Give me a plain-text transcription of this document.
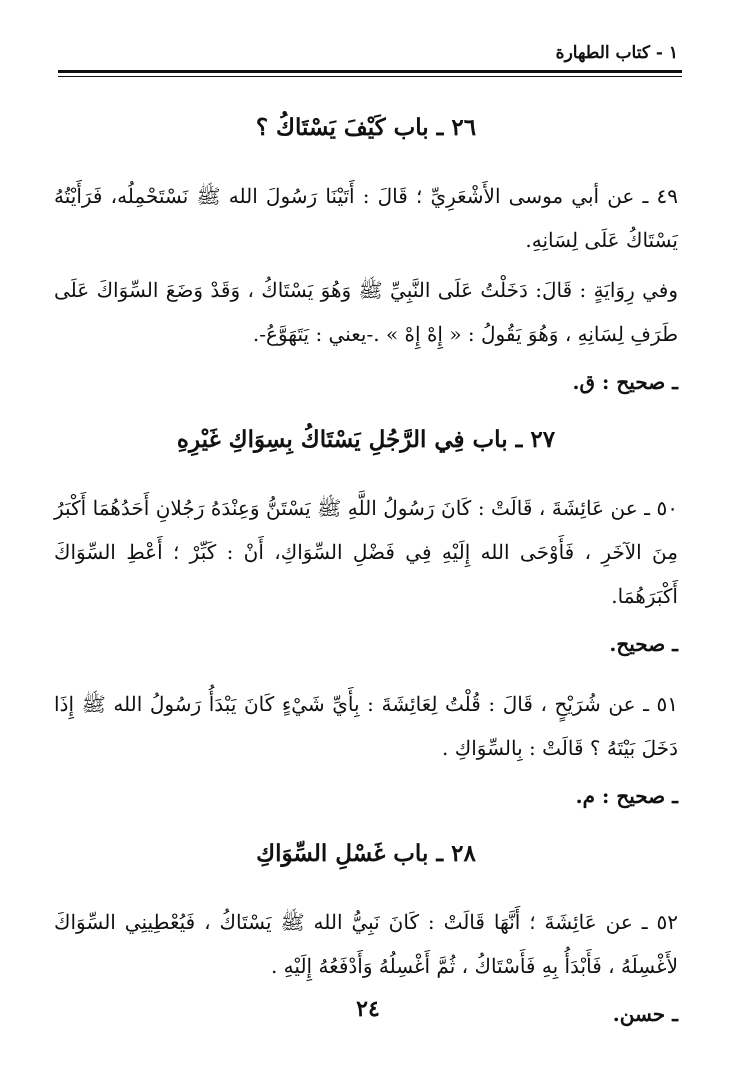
١ - كتاب الطهارة
٢٦ ـ باب كَيْفَ يَسْتَاكُ ؟

٤٩ ـ عن أبي موسى الأَشْعَرِيِّ ؛ قَالَ : أَتَيْنَا رَسُولَ الله ﷺ نَسْتَحْمِلُه، فَرَأَيْتُهُ يَسْتَاكُ عَلَى لِسَانِهِ.

وفي رِوَايَةٍ : قَالَ: دَخَلْتُ عَلَى النَّبِيِّ ﷺ وَهُوَ يَسْتَاكُ ، وَقَدْ وَضَعَ السِّوَاكَ عَلَى طَرَفِ لِسَانِهِ ، وَهُوَ يَقُولُ : « إِهْ إِهْ » .-يعني : يَتَهَوَّعُ-.

ـ صحيح : ق.
٢٧ ـ باب فِي الرَّجُلِ يَسْتَاكُ بِسِوَاكِ غَيْرِهِ

٥٠ ـ عن عَائِشَةَ ، قَالَتْ : كَانَ رَسُولُ اللَّهِ ﷺ يَسْتَنُّ وَعِنْدَهُ رَجُلانِ أَحَدُهُمَا أَكْبَرُ مِنَ الآخَرِ ، فَأَوْحَى الله إِلَيْهِ فِي فَضْلِ السِّوَاكِ، أَنْ : كَبِّرْ ؛ أَعْطِ السِّوَاكَ أَكْبَرَهُمَا.

ـ صحيح.

٥١ ـ عن شُرَيْحٍ ، قَالَ : قُلْتُ لِعَائِشَةَ : بِأَيِّ شَيْءٍ كَانَ يَبْدَأُ رَسُولُ الله ﷺ إِذَا دَخَلَ بَيْتَهُ ؟ قَالَتْ : بِالسِّوَاكِ .

ـ صحيح : م.
٢٨ ـ باب غَسْلِ السِّوَاكِ

٥٢ ـ عن عَائِشَةَ ؛ أَنَّهَا قَالَتْ : كَانَ نَبِيُّ الله ﷺ يَسْتَاكُ ، فَيُعْطِينِي السِّوَاكَ لأَغْسِلَهُ ، فَأَبْدَأُ بِهِ فَأَسْتَاكُ ، ثُمَّ أَغْسِلُهُ وَأَدْفَعُهُ إِلَيْهِ .

ـ حسن.
٢٤
